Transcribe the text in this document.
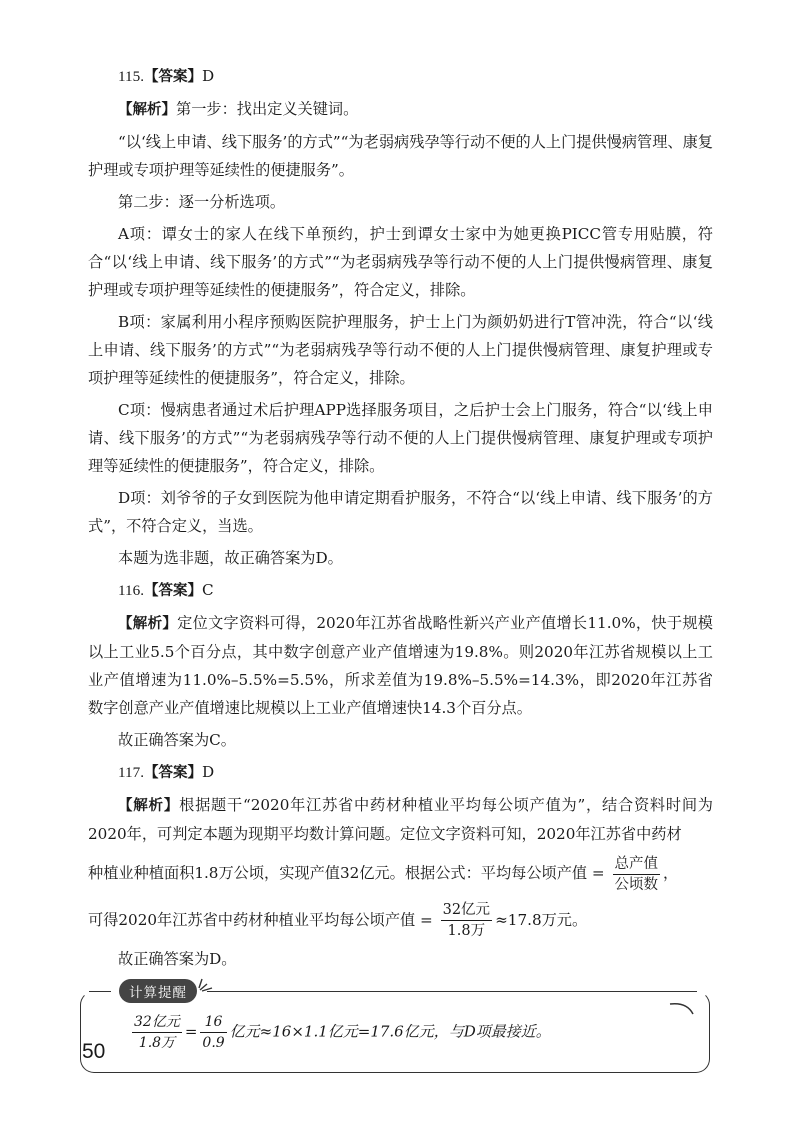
115.【答案】D

【解析】第一步：找出定义关键词。

“以‘线上申请、线下服务’的方式”“为老弱病残孕等行动不便的人上门提供慢病管理、康复护理或专项护理等延续性的便捷服务”。

第二步：逐一分析选项。

A项：谭女士的家人在线下单预约，护士到谭女士家中为她更换PICC管专用贴膜，符合“以‘线上申请、线下服务’的方式”“为老弱病残孕等行动不便的人上门提供慢病管理、康复护理或专项护理等延续性的便捷服务”，符合定义，排除。

B项：家属利用小程序预购医院护理服务，护士上门为颜奶奶进行T管冲洗，符合“以‘线上申请、线下服务’的方式”“为老弱病残孕等行动不便的人上门提供慢病管理、康复护理或专项护理等延续性的便捷服务”，符合定义，排除。

C项：慢病患者通过术后护理APP选择服务项目，之后护士会上门服务，符合“以‘线上申请、线下服务’的方式”“为老弱病残孕等行动不便的人上门提供慢病管理、康复护理或专项护理等延续性的便捷服务”，符合定义，排除。

D项：刘爷爷的子女到医院为他申请定期看护服务，不符合“以‘线上申请、线下服务’的方式”，不符合定义，当选。

本题为选非题，故正确答案为D。

116.【答案】C

【解析】定位文字资料可得，2020年江苏省战略性新兴产业产值增长11.0%，快于规模以上工业5.5个百分点，其中数字创意产业产值增速为19.8%。则2020年江苏省规模以上工业产值增速为11.0%–5.5%=5.5%，所求差值为19.8%–5.5%=14.3%，即2020年江苏省数字创意产业产值增速比规模以上工业产值增速快14.3个百分点。

故正确答案为C。

117.【答案】D

【解析】根据题干“2020年江苏省中药材种植业平均每公顷产值为”，结合资料时间为2020年，可判定本题为现期平均数计算问题。定位文字资料可知，2020年江苏省中药材

种植业种植面积1.8万公顷，实现产值32亿元。根据公式：平均每公顷产值 = $\frac{\text{总产值}}{\text{公顷数}}$ ，

可得2020年江苏省中药材种植业平均每公顷产值 = $\frac{\text{32亿元}}{\text{1.8万}} \approx 17.8$万元。

故正确答案为D。

计算提醒
$\frac{\text{32亿元}}{\text{1.8万}} = \frac{16}{0.9}$ 亿元≈16×1.1亿元=17.6亿元，与D项最接近。
50
